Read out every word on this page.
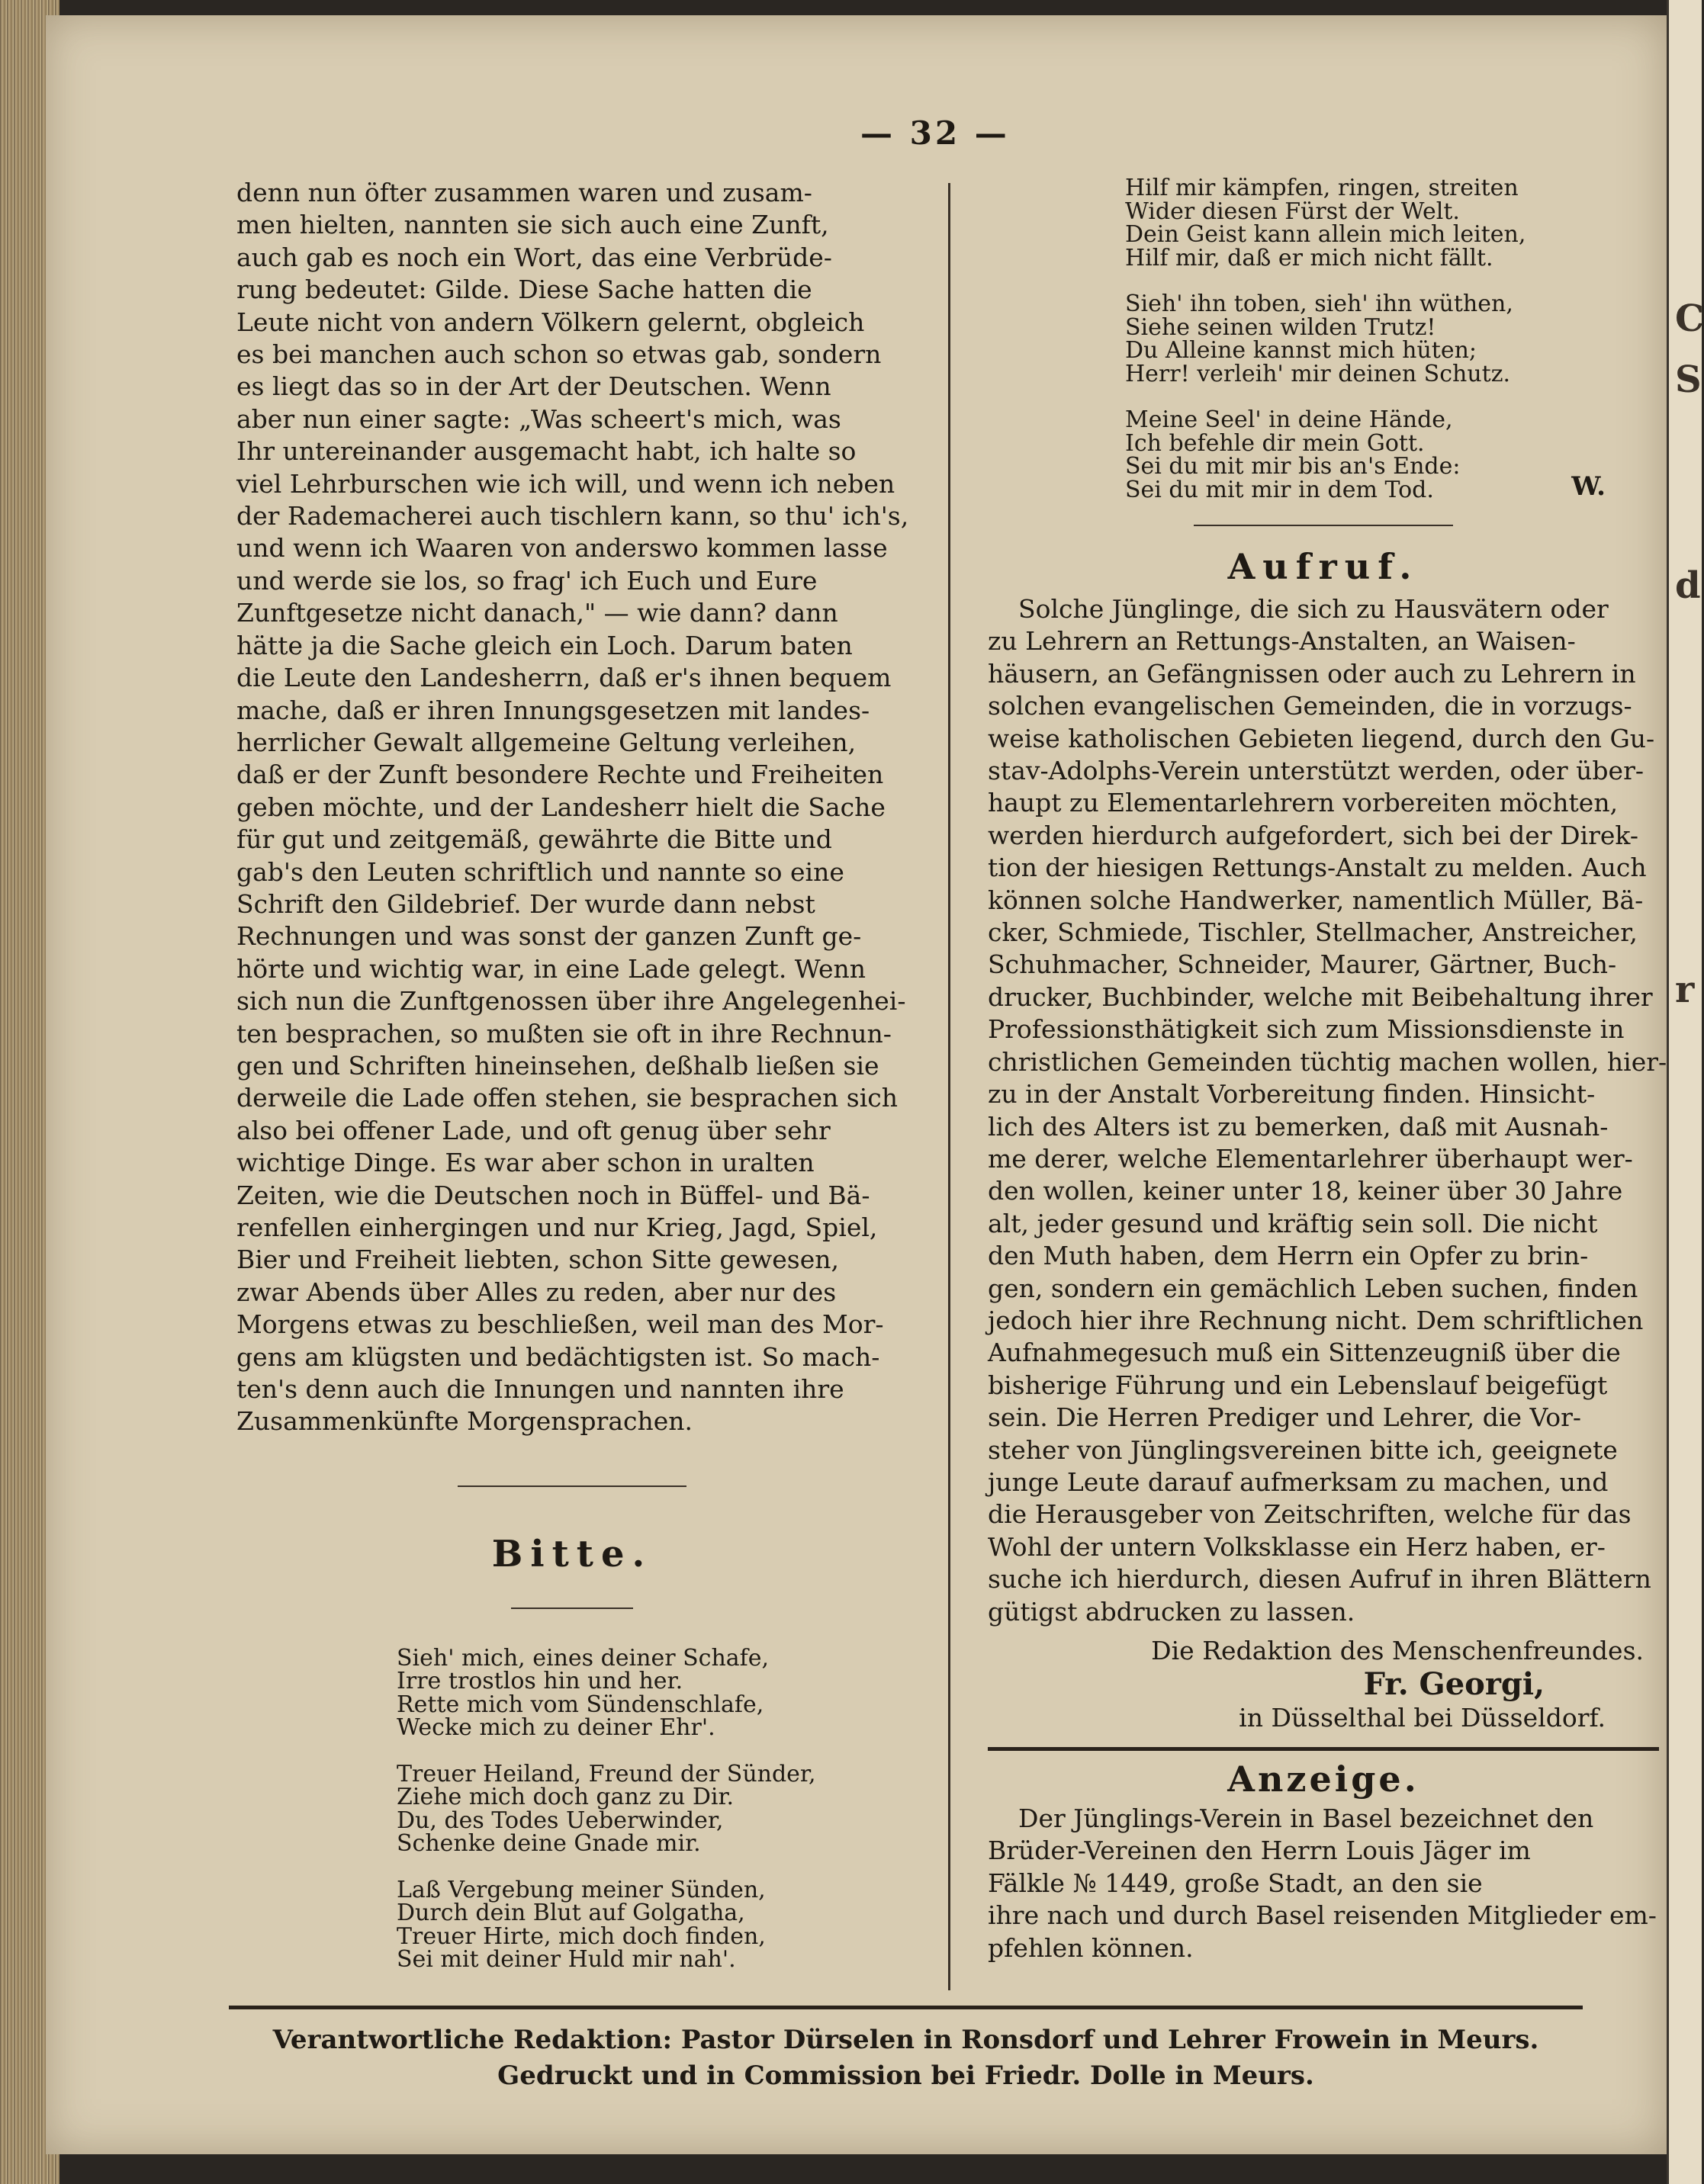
C
S
d
r
— 32 —

denn nun öfter zusammen waren und zusam-
men hielten, nannten sie sich auch eine Zunft,
auch gab es noch ein Wort, das eine Verbrüde-
rung bedeutet: Gilde. Diese Sache hatten die
Leute nicht von andern Völkern gelernt, obgleich
es bei manchen auch schon so etwas gab, sondern
es liegt das so in der Art der Deutschen. Wenn
aber nun einer sagte: „Was scheert's mich, was
Ihr untereinander ausgemacht habt, ich halte so
viel Lehrburschen wie ich will, und wenn ich neben
der Rademacherei auch tischlern kann, so thu' ich's,
und wenn ich Waaren von anderswo kommen lasse
und werde sie los, so frag' ich Euch und Eure
Zunftgesetze nicht danach," — wie dann? dann
hätte ja die Sache gleich ein Loch. Darum baten
die Leute den Landesherrn, daß er's ihnen bequem
mache, daß er ihren Innungsgesetzen mit landes-
herrlicher Gewalt allgemeine Geltung verleihen,
daß er der Zunft besondere Rechte und Freiheiten
geben möchte, und der Landesherr hielt die Sache
für gut und zeitgemäß, gewährte die Bitte und
gab's den Leuten schriftlich und nannte so eine
Schrift den Gildebrief. Der wurde dann nebst
Rechnungen und was sonst der ganzen Zunft ge-
hörte und wichtig war, in eine Lade gelegt. Wenn
sich nun die Zunftgenossen über ihre Angelegenhei-
ten besprachen, so mußten sie oft in ihre Rechnun-
gen und Schriften hineinsehen, deßhalb ließen sie
derweile die Lade offen stehen, sie besprachen sich
also bei offener Lade, und oft genug über sehr
wichtige Dinge. Es war aber schon in uralten
Zeiten, wie die Deutschen noch in Büffel- und Bä-
renfellen einhergingen und nur Krieg, Jagd, Spiel,
Bier und Freiheit liebten, schon Sitte gewesen,
zwar Abends über Alles zu reden, aber nur des
Morgens etwas zu beschließen, weil man des Mor-
gens am klügsten und bedächtigsten ist. So mach-
ten's denn auch die Innungen und nannten ihre
Zusammenkünfte Morgensprachen.

Bitte.
Sieh' mich, eines deiner Schafe,
Irre trostlos hin und her.
Rette mich vom Sündenschlafe,
Wecke mich zu deiner Ehr'.
Treuer Heiland, Freund der Sünder,
Ziehe mich doch ganz zu Dir.
Du, des Todes Ueberwinder,
Schenke deine Gnade mir.
Laß Vergebung meiner Sünden,
Durch dein Blut auf Golgatha,
Treuer Hirte, mich doch finden,
Sei mit deiner Huld mir nah'.
Hilf mir kämpfen, ringen, streiten
Wider diesen Fürst der Welt.
Dein Geist kann allein mich leiten,
Hilf mir, daß er mich nicht fällt.
Sieh' ihn toben, sieh' ihn wüthen,
Siehe seinen wilden Trutz!
Du Alleine kannst mich hüten;
Herr! verleih' mir deinen Schutz.
Meine Seel' in deine Hände,
Ich befehle dir mein Gott.
Sei du mit mir bis an's Ende:
Sei du mit mir in dem Tod.	W.
Aufruf.

Solche Jünglinge, die sich zu Hausvätern oder
zu Lehrern an Rettungs-Anstalten, an Waisen-
häusern, an Gefängnissen oder auch zu Lehrern in
solchen evangelischen Gemeinden, die in vorzugs-
weise katholischen Gebieten liegend, durch den Gu-
stav-Adolphs-Verein unterstützt werden, oder über-
haupt zu Elementarlehrern vorbereiten möchten,
werden hierdurch aufgefordert, sich bei der Direk-
tion der hiesigen Rettungs-Anstalt zu melden. Auch
können solche Handwerker, namentlich Müller, Bä-
cker, Schmiede, Tischler, Stellmacher, Anstreicher,
Schuhmacher, Schneider, Maurer, Gärtner, Buch-
drucker, Buchbinder, welche mit Beibehaltung ihrer
Professionsthätigkeit sich zum Missionsdienste in
christlichen Gemeinden tüchtig machen wollen, hier-
zu in der Anstalt Vorbereitung finden. Hinsicht-
lich des Alters ist zu bemerken, daß mit Ausnah-
me derer, welche Elementarlehrer überhaupt wer-
den wollen, keiner unter 18, keiner über 30 Jahre
alt, jeder gesund und kräftig sein soll. Die nicht
den Muth haben, dem Herrn ein Opfer zu brin-
gen, sondern ein gemächlich Leben suchen, finden
jedoch hier ihre Rechnung nicht. Dem schriftlichen
Aufnahmegesuch muß ein Sittenzeugniß über die
bisherige Führung und ein Lebenslauf beigefügt
sein. Die Herren Prediger und Lehrer, die Vor-
steher von Jünglingsvereinen bitte ich, geeignete
junge Leute darauf aufmerksam zu machen, und
die Herausgeber von Zeitschriften, welche für das
Wohl der untern Volksklasse ein Herz haben, er-
suche ich hierdurch, diesen Aufruf in ihren Blättern
gütigst abdrucken zu lassen.

Die Redaktion des Menschenfreundes.
Fr. Georgi,
in Düsselthal bei Düsseldorf.
Anzeige.

Der Jünglings-Verein in Basel bezeichnet den
Brüder-Vereinen den Herrn Louis Jäger im
Fälkle № 1449, große Stadt, an den sie
ihre nach und durch Basel reisenden Mitglieder em-
pfehlen können.

Verantwortliche Redaktion: Pastor Dürselen in Ronsdorf und Lehrer Frowein in Meurs.
Gedruckt und in Commission bei Friedr. Dolle in Meurs.
